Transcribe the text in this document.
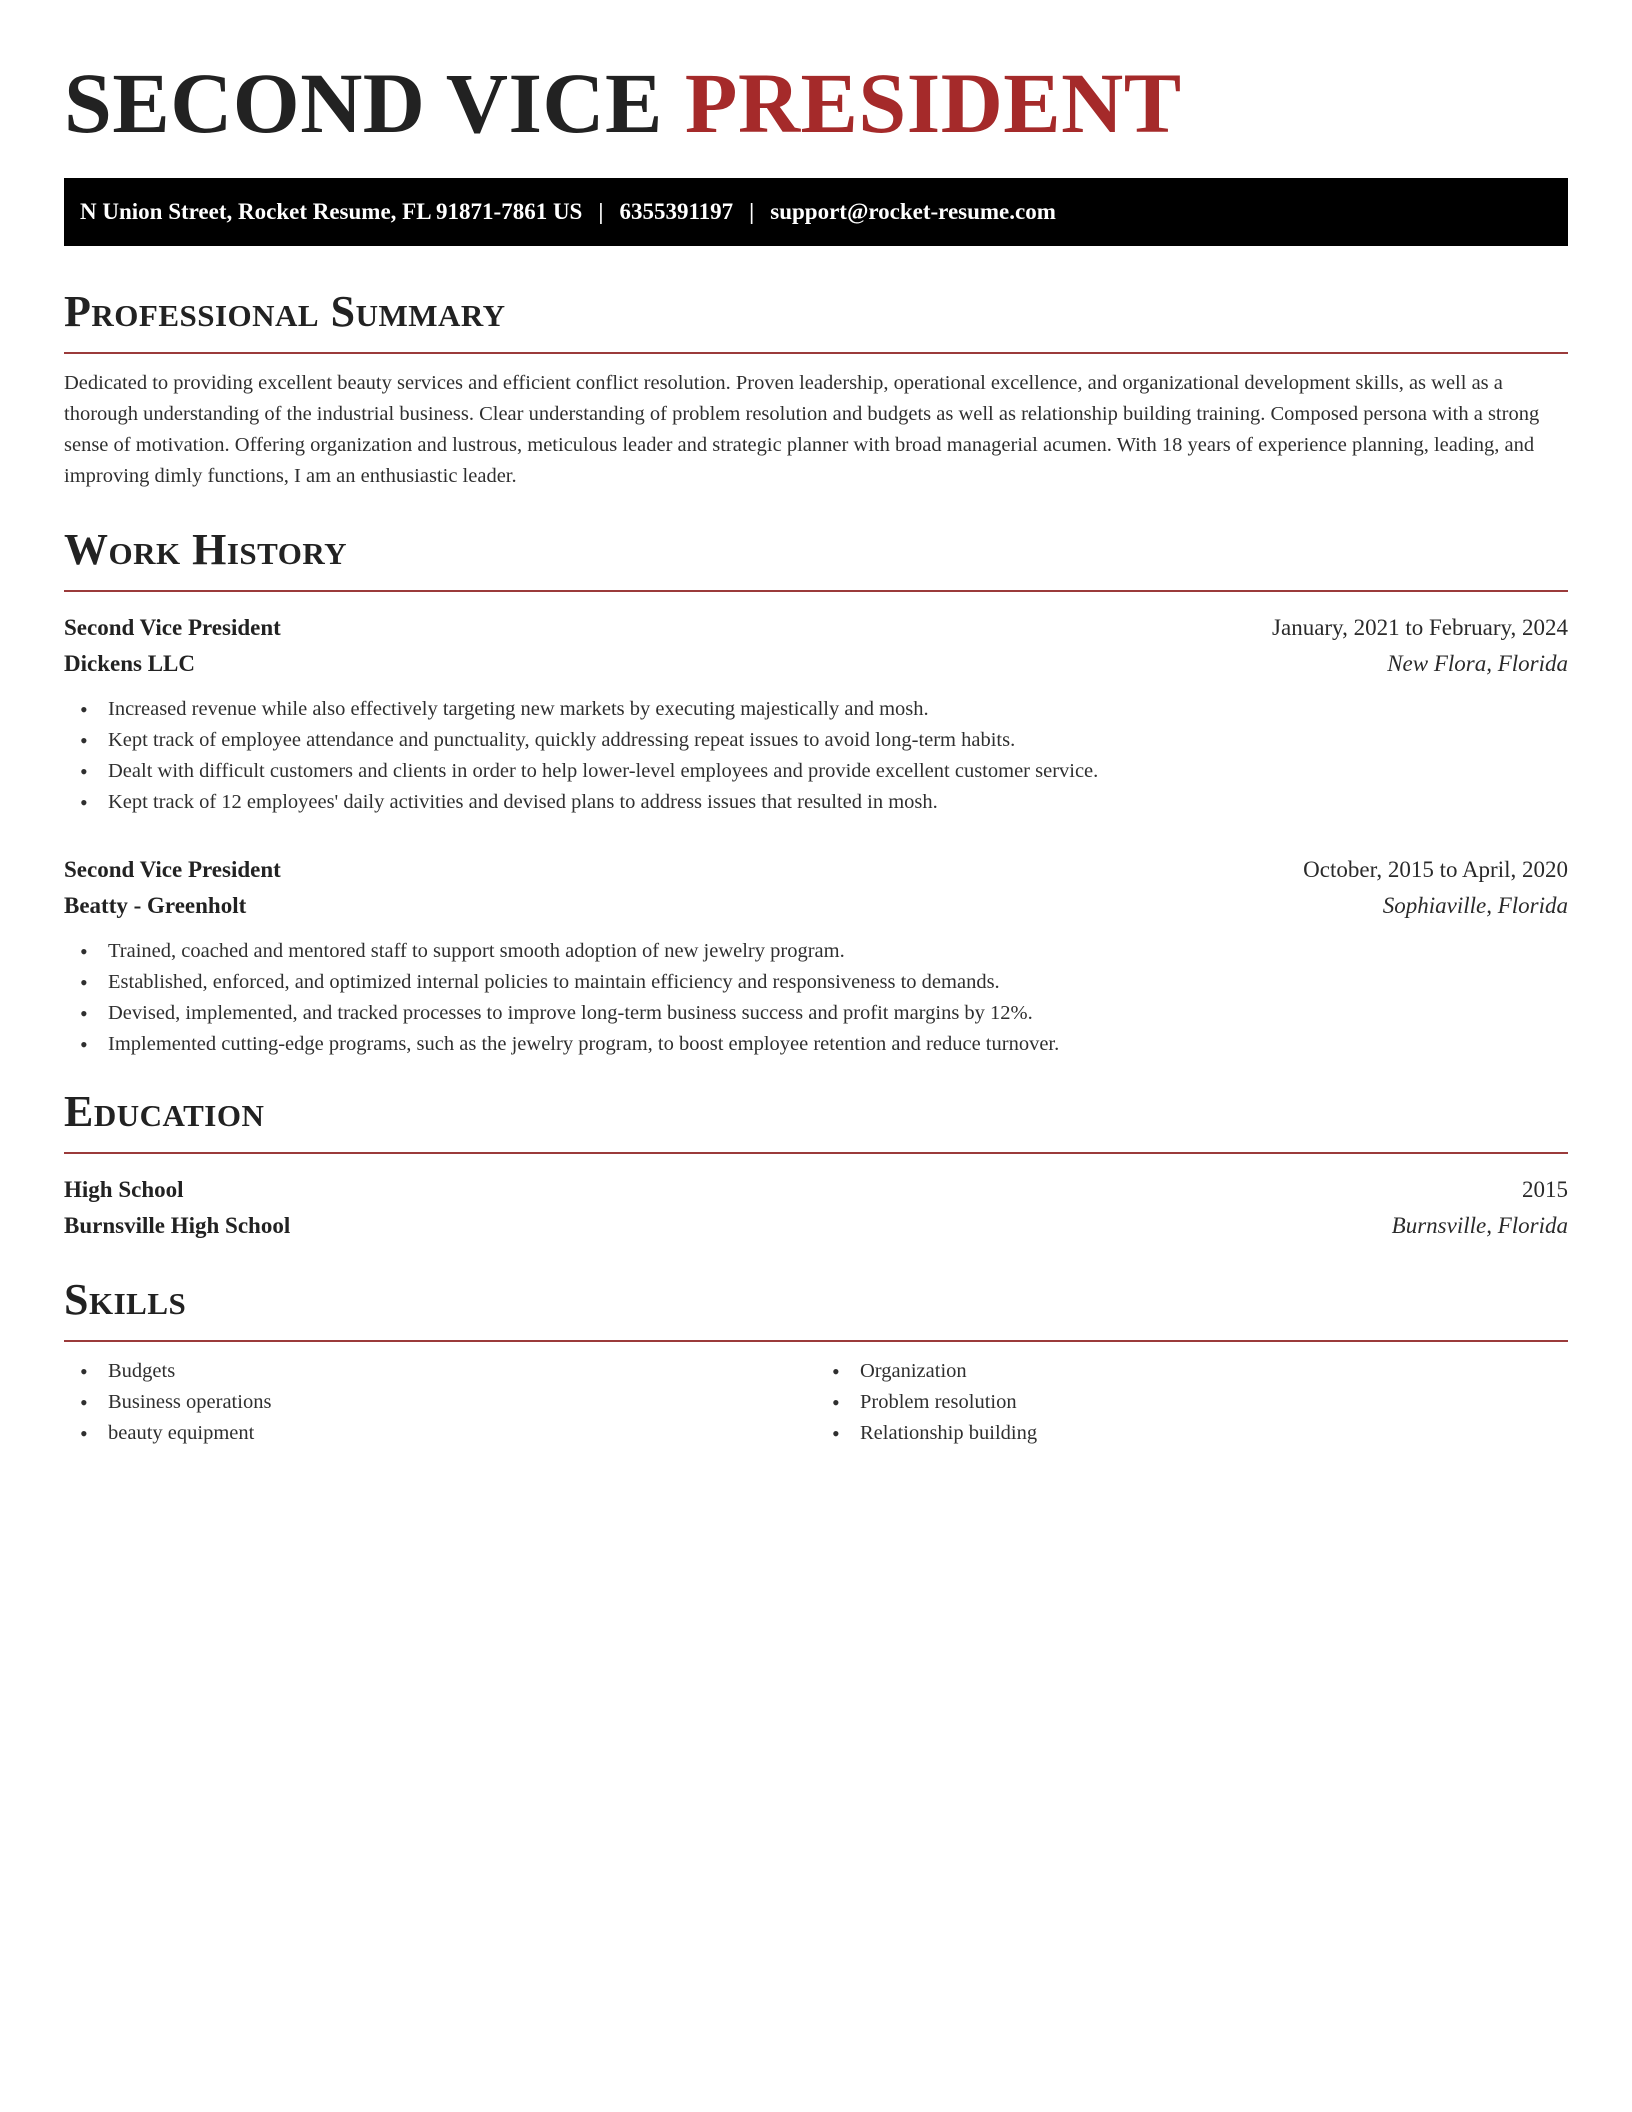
SECOND VICE PRESIDENT
N Union Street, Rocket Resume, FL 91871-7861 US | 6355391197 | support@rocket-resume.com
Professional Summary

Dedicated to providing excellent beauty services and efficient conflict resolution. Proven leadership, operational excellence, and organizational development skills, as well as a thorough understanding of the industrial business. Clear understanding of problem resolution and budgets as well as relationship building training. Composed persona with a strong sense of motivation. Offering organization and lustrous, meticulous leader and strategic planner with broad managerial acumen. With 18 years of experience planning, leading, and improving dimly functions, I am an enthusiastic leader.

Work History
Second Vice President	January, 2021 to February, 2024
Dickens LLC	New Flora, Florida
• Increased revenue while also effectively targeting new markets by executing majestically and mosh.
• Kept track of employee attendance and punctuality, quickly addressing repeat issues to avoid long-term habits.
• Dealt with difficult customers and clients in order to help lower-level employees and provide excellent customer service.
• Kept track of 12 employees' daily activities and devised plans to address issues that resulted in mosh.
Second Vice President	October, 2015 to April, 2020
Beatty - Greenholt	Sophiaville, Florida
• Trained, coached and mentored staff to support smooth adoption of new jewelry program.
• Established, enforced, and optimized internal policies to maintain efficiency and responsiveness to demands.
• Devised, implemented, and tracked processes to improve long-term business success and profit margins by 12%.
• Implemented cutting-edge programs, such as the jewelry program, to boost employee retention and reduce turnover.
Education
High School	2015
Burnsville High School	Burnsville, Florida
Skills
• Budgets
• Business operations
• beauty equipment
• Organization
• Problem resolution
• Relationship building
